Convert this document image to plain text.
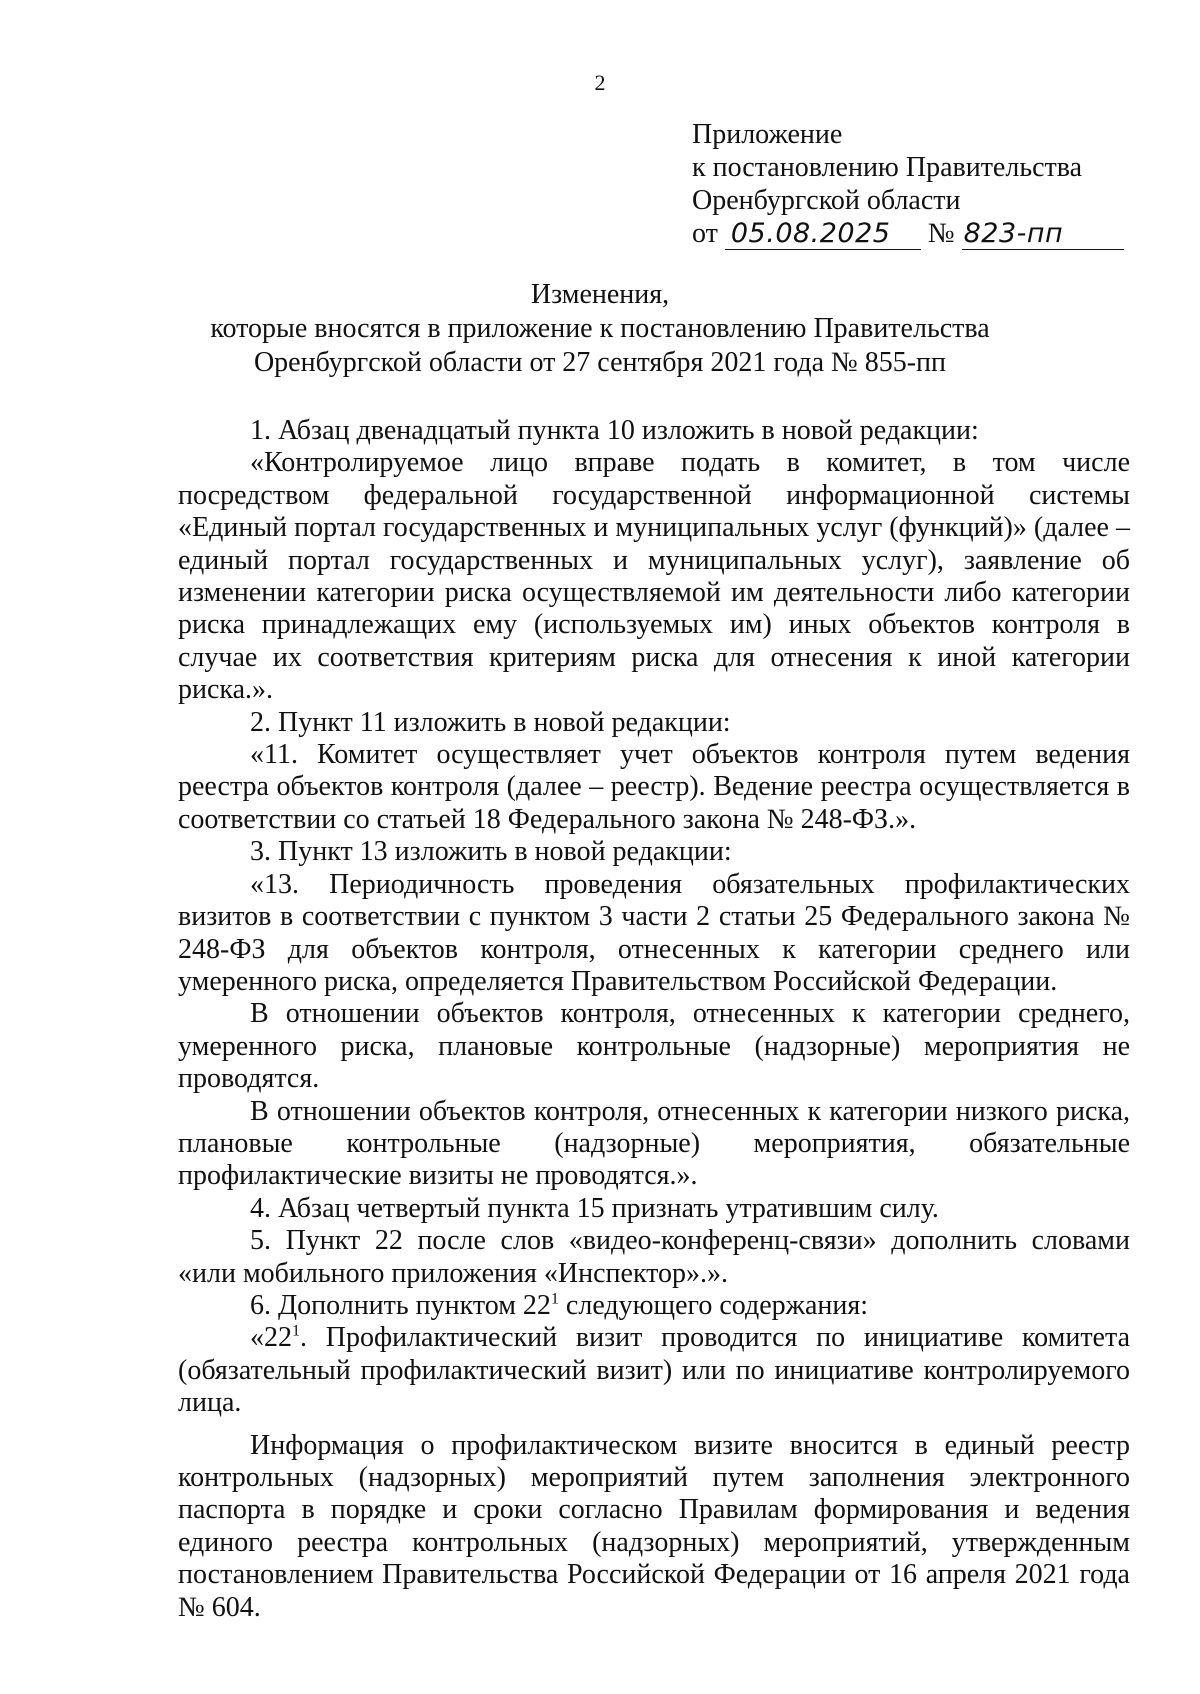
2
Приложение
к постановлению Правительства
Оренбургской области
от 05.08.2025 № 823-пп
Изменения,
которые вносятся в приложение к постановлению Правительства
Оренбургской области от 27 сентября 2021 года № 855-пп

1. Абзац двенадцатый пункта 10 изложить в новой редакции:

«Контролируемое лицо вправе подать в комитет, в том числе посредством федеральной государственной информационной системы «Единый портал государственных и муниципальных услуг (функций)» (далее – единый портал государственных и муниципальных услуг), заявление об изменении категории риска осуществляемой им деятельности либо категории риска принадлежащих ему (используемых им) иных объектов контроля в случае их соответствия критериям риска для отнесения к иной категории риска.».

2. Пункт 11 изложить в новой редакции:

«11. Комитет осуществляет учет объектов контроля путем ведения реестра объектов контроля (далее – реестр). Ведение реестра осуществляется в соответствии со статьей 18 Федерального закона № 248-ФЗ.».

3. Пункт 13 изложить в новой редакции:

«13. Периодичность проведения обязательных профилактических визитов в соответствии с пунктом 3 части 2 статьи 25 Федерального закона № 248-ФЗ для объектов контроля, отнесенных к категории среднего или умеренного риска, определяется Правительством Российской Федерации.

В отношении объектов контроля, отнесенных к категории среднего, умеренного риска, плановые контрольные (надзорные) мероприятия не проводятся.

В отношении объектов контроля, отнесенных к категории низкого риска, плановые контрольные (надзорные) мероприятия, обязательные профилактические визиты не проводятся.».

4. Абзац четвертый пункта 15 признать утратившим силу.

5. Пункт 22 после слов «видео-конференц-связи» дополнить словами «или мобильного приложения «Инспектор».».

6. Дополнить пунктом $22^1$ следующего содержания:

«$22^1$. Профилактический визит проводится по инициативе комитета (обязательный профилактический визит) или по инициативе контролируемого лица.

Информация о профилактическом визите вносится в единый реестр контрольных (надзорных) мероприятий путем заполнения электронного паспорта в порядке и сроки согласно Правилам формирования и ведения единого реестра контрольных (надзорных) мероприятий, утвержденным постановлением Правительства Российской Федерации от 16 апреля 2021 года № 604.
